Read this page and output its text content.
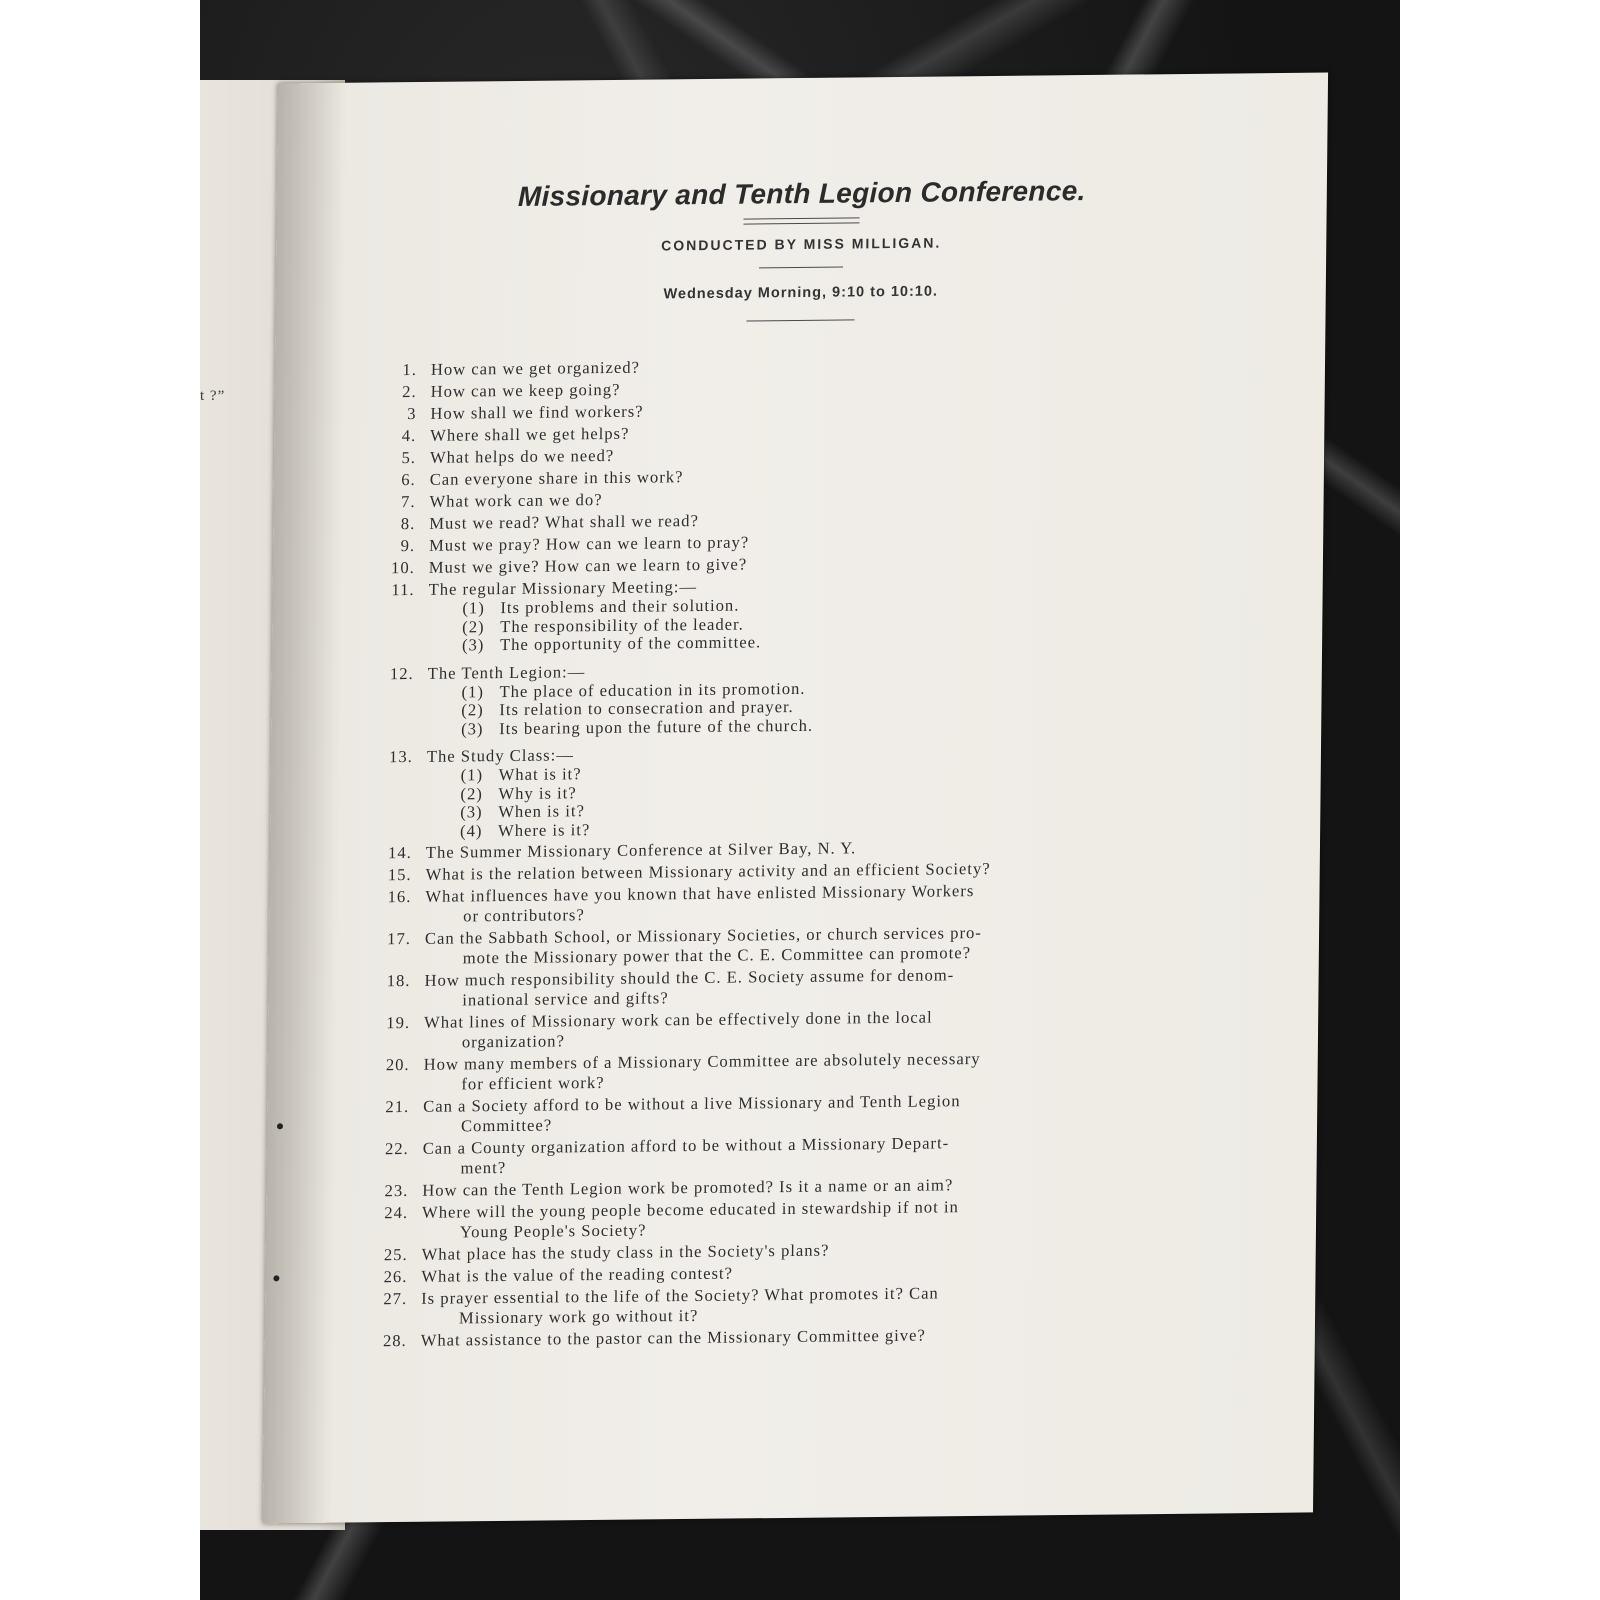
t ?”
Missionary and Tenth Legion Conference.
CONDUCTED BY MISS MILLIGAN.
Wednesday Morning, 9:10 to 10:10.
1. How can we get organized?
2. How can we keep going?
3 How shall we find workers?
4. Where shall we get helps?
5. What helps do we need?
6. Can everyone share in this work?
7. What work can we do?
8. Must we read? What shall we read?
9. Must we pray? How can we learn to pray?
10. Must we give? How can we learn to give?
11. The regular Missionary Meeting:—
(1) Its problems and their solution.
(2) The responsibility of the leader.
(3) The opportunity of the committee.
12. The Tenth Legion:—
(1) The place of education in its promotion.
(2) Its relation to consecration and prayer.
(3) Its bearing upon the future of the church.
13. The Study Class:—
(1) What is it?
(2) Why is it?
(3) When is it?
(4) Where is it?
14. The Summer Missionary Conference at Silver Bay, N. Y.
15. What is the relation between Missionary activity and an efficient Society?
16. What influences have you known that have enlisted Missionary Workers
or contributors?
17. Can the Sabbath School, or Missionary Societies, or church services pro-
mote the Missionary power that the C. E. Committee can promote?
18. How much responsibility should the C. E. Society assume for denom-
inational service and gifts?
19. What lines of Missionary work can be effectively done in the local
organization?
20. How many members of a Missionary Committee are absolutely necessary
for efficient work?
21. Can a Society afford to be without a live Missionary and Tenth Legion
Committee?
22. Can a County organization afford to be without a Missionary Depart-
ment?
23. How can the Tenth Legion work be promoted? Is it a name or an aim?
24. Where will the young people become educated in stewardship if not in
Young People's Society?
25. What place has the study class in the Society's plans?
26. What is the value of the reading contest?
27. Is prayer essential to the life of the Society? What promotes it? Can
Missionary work go without it?
28. What assistance to the pastor can the Missionary Committee give?
